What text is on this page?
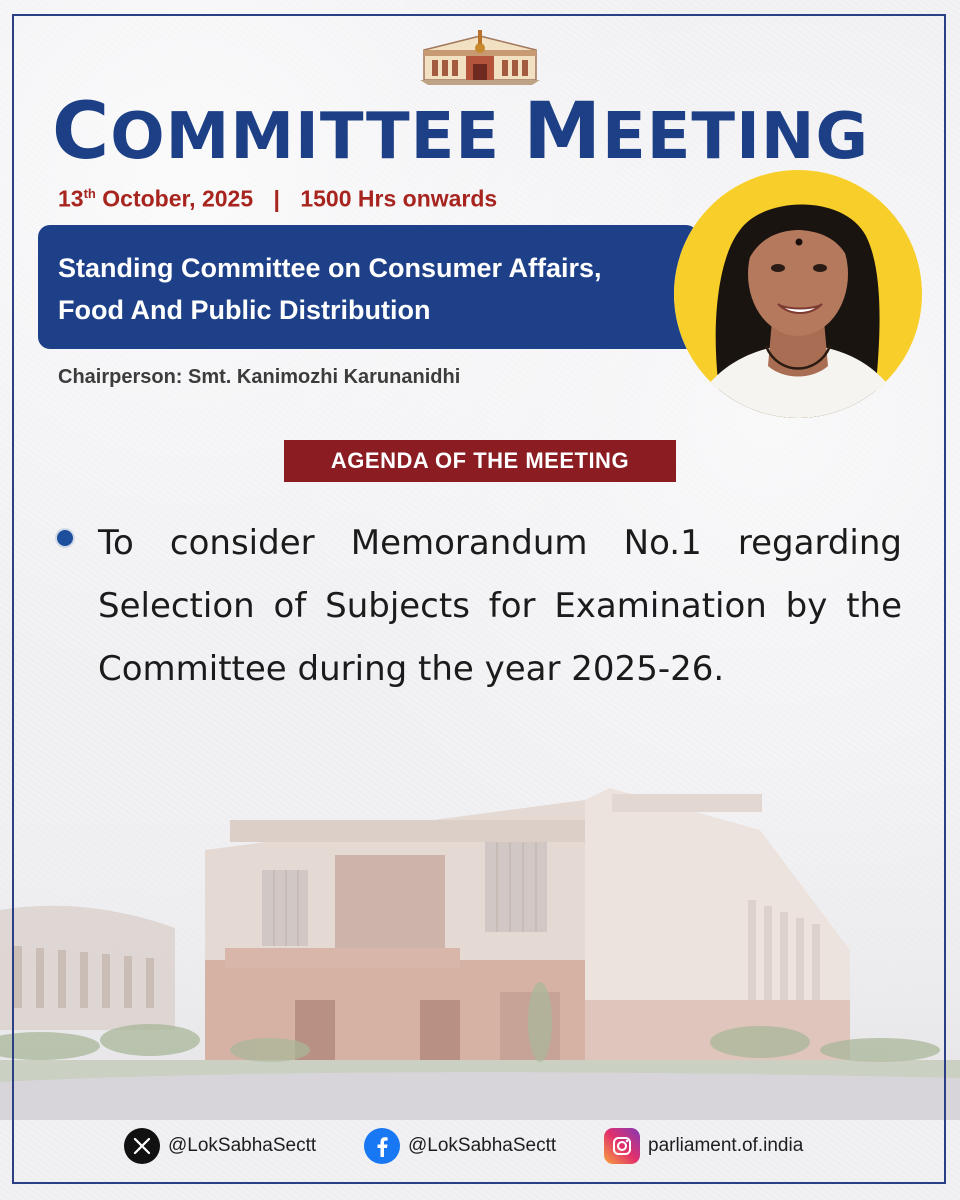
COMMITTEE MEETING
13th October, 2025 | 1500 Hrs onwards
Standing Committee on Consumer Affairs,
Food And Public Distribution
Chairperson: Smt. Kanimozhi Karunanidhi
AGENDA OF THE MEETING

To consider Memorandum No.1 regarding Selection of Subjects for Examination by the Committee during the year 2025-26.

@LokSabhaSectt	@LokSabhaSectt	parliament.of.india
